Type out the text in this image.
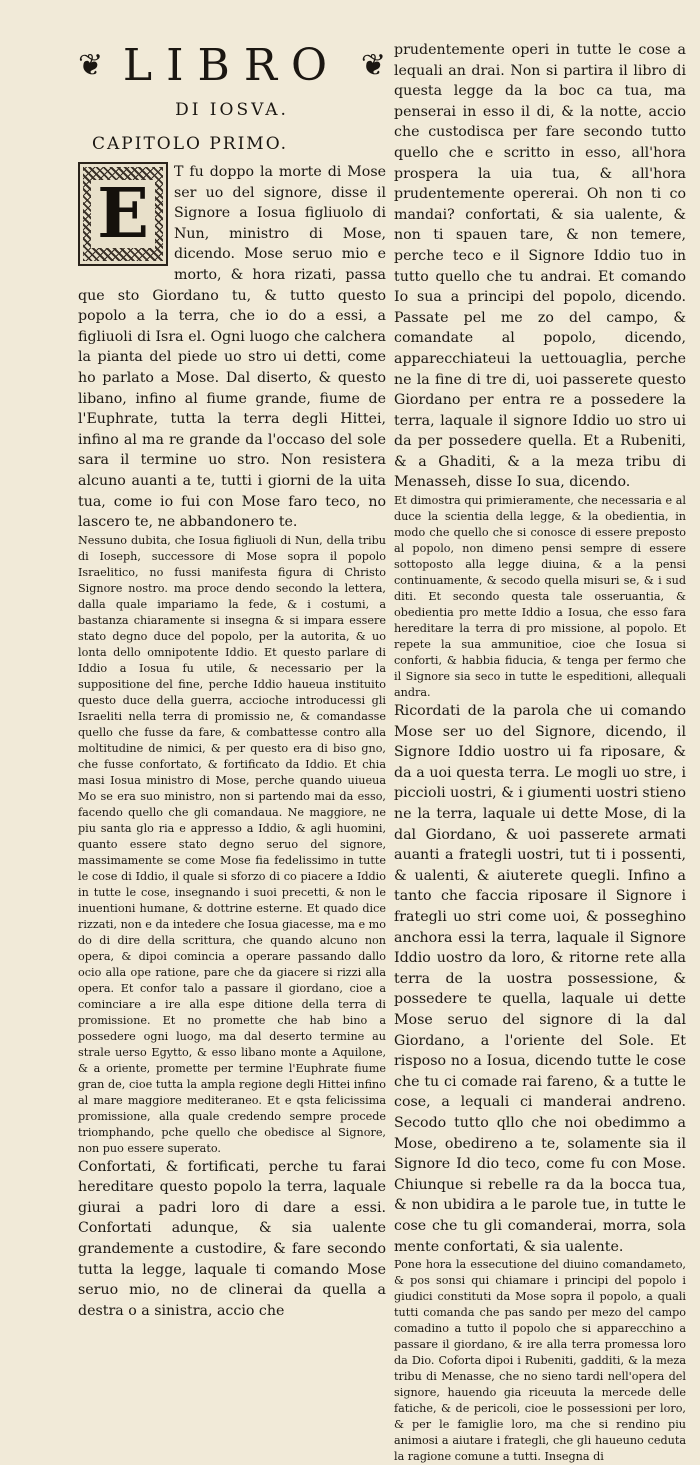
❦ LIBRO ❦
DI IOSVA.
CAPITOLO PRIMO.
E

T fu doppo la morte di Mose ser uo del signore, disse il Signore a Iosua figliuolo di Nun, ministro di Mose, dicendo. Mose seruo mio e morto, & hora rizati, passa que sto Giordano tu, & tutto questo popolo a la terra, che io do a essi, a figliuoli di Isra el. Ogni luogo che calchera la pianta del piede uo stro ui detti, come ho parlato a Mose. Dal diserto, & questo libano, infino al fiume grande, fiume de l'Euphrate, tutta la terra degli Hittei, infino al ma re grande da l'occaso del sole sara il termine uo stro. Non resistera alcuno auanti a te, tutti i giorni de la uita tua, come io fui con Mose faro teco, no lascero te, ne abbandonero te.

Nessuno dubita, che Iosua figliuoli di Nun, della tribu di Ioseph, successore di Mose sopra il popolo Israelitico, no fussi manifesta figura di Christo Signore nostro. ma proce dendo secondo la lettera, dalla quale impariamo la fede, & i costumi, a bastanza chiaramente si insegna & si impara essere stato degno duce del popolo, per la autorita, & uo lonta dello omnipotente Iddio. Et questo parlare di Iddio a Iosua fu utile, & necessario per la suppositione del fine, perche Iddio haueua instituito questo duce della guerra, accioche introducessi gli Israeliti nella terra di promissio ne, & comandasse quello che fusse da fare, & combattesse contro alla moltitudine de nimici, & per questo era di biso gno, che fusse confortato, & fortificato da Iddio. Et chia masi Iosua ministro di Mose, perche quando uiueua Mo se era suo ministro, non si partendo mai da esso, facendo quello che gli comandaua. Ne maggiore, ne piu santa glo ria e appresso a Iddio, & agli huomini, quanto essere stato degno seruo del signore, massimamente se come Mose fia fedelissimo in tutte le cose di Iddio, il quale si sforzo di co piacere a Iddio in tutte le cose, insegnando i suoi precetti, & non le inuentioni humane, & dottrine esterne. Et quado dice rizzati, non e da intedere che Iosua giacesse, ma e mo do di dire della scrittura, che quando alcuno non opera, & dipoi comincia a operare passando dallo ocio alla ope ratione, pare che da giacere si rizzi alla opera. Et confor talo a passare il giordano, cioe a cominciare a ire alla espe ditione della terra di promissione. Et no promette che hab bino a possedere ogni luogo, ma dal deserto termine au strale uerso Egytto, & esso libano monte a Aquilone, & a oriente, promette per termine l'Euphrate fiume gran de, cioe tutta la ampla regione degli Hittei infino al mare maggiore mediteraneo. Et e qsta felicissima promissione, alla quale credendo sempre procede triomphando, pche quello che obedisce al Signore, non puo essere superato.

Confortati, & fortificati, perche tu farai hereditare questo popolo la terra, laquale giurai a padri loro di dare a essi. Confortati adunque, & sia ualente grandemente a custodire, & fare secondo tutta la legge, laquale ti comando Mose seruo mio, no de clinerai da quella a destra o a sinistra, accio che

prudentemente operi in tutte le cose a lequali an drai. Non si partira il libro di questa legge da la boc ca tua, ma penserai in esso il di, & la notte, accio che custodisca per fare secondo tutto quello che e scritto in esso, all'hora prospera la uia tua, & all'hora prudentemente opererai. Oh non ti co mandai? confortati, & sia ualente, & non ti spauen tare, & non temere, perche teco e il Signore Iddio tuo in tutto quello che tu andrai. Et comando Io sua a principi del popolo, dicendo. Passate pel me zo del campo, & comandate al popolo, dicendo, apparecchiateui la uettouaglia, perche ne la fine di tre di, uoi passerete questo Giordano per entra re a possedere la terra, laquale il signore Iddio uo stro ui da per possedere quella. Et a Rubeniti, & a Ghaditi, & a la meza tribu di Menasseh, disse Io sua, dicendo.

Et dimostra qui primieramente, che necessaria e al duce la scientia della legge, & la obedientia, in modo che quello che si conosce di essere preposto al popolo, non dimeno pensi sempre di essere sottoposto alla legge diuina, & a la pensi continuamente, & secodo quella misuri se, & i sud diti. Et secondo questa tale osseruantia, & obedientia pro mette Iddio a Iosua, che esso fara hereditare la terra di pro missione, al popolo. Et repete la sua ammunitioe, cioe che Iosua si conforti, & habbia fiducia, & tenga per fermo che il Signore sia seco in tutte le espeditioni, allequali andra.

Ricordati de la parola che ui comando Mose ser uo del Signore, dicendo, il Signore Iddio uostro ui fa riposare, & da a uoi questa terra. Le mogli uo stre, i piccioli uostri, & i giumenti uostri stieno ne la terra, laquale ui dette Mose, di la dal Giordano, & uoi passerete armati auanti a frategli uostri, tut ti i possenti, & ualenti, & aiuterete quegli. Infino a tanto che faccia riposare il Signore i frategli uo stri come uoi, & posseghino anchora essi la terra, laquale il Signore Iddio uostro da loro, & ritorne rete alla terra de la uostra possessione, & possedere te quella, laquale ui dette Mose seruo del signore di la dal Giordano, a l'oriente del Sole. Et risposo no a Iosua, dicendo tutte le cose che tu ci comade rai fareno, & a tutte le cose, a lequali ci manderai andreno. Secodo tutto qllo che noi obedimmo a Mose, obedireno a te, solamente sia il Signore Id dio teco, come fu con Mose. Chiunque si rebelle ra da la bocca tua, & non ubidira a le parole tue, in tutte le cose che tu gli comanderai, morra, sola mente confortati, & sia ualente.

Pone hora la essecutione del diuino comandameto, & pos sonsi qui chiamare i principi del popolo i giudici constituti da Mose sopra il popolo, a quali tutti comanda che pas sando per mezo del campo comadino a tutto il popolo che si apparecchino a passare il giordano, & ire alla terra promessa loro da Dio. Coforta dipoi i Rubeniti, gadditi, & la meza tribu di Menasse, che no sieno tardi nell'opera del signore, hauendo gia riceuuta la mercede delle fatiche, & de pericoli, cioe le possessioni per loro, & per le famiglie loro, ma che si rendino piu animosi a aiutare i frategli, che gli haueuno ceduta la ragione comune a tutti. Insegna di
